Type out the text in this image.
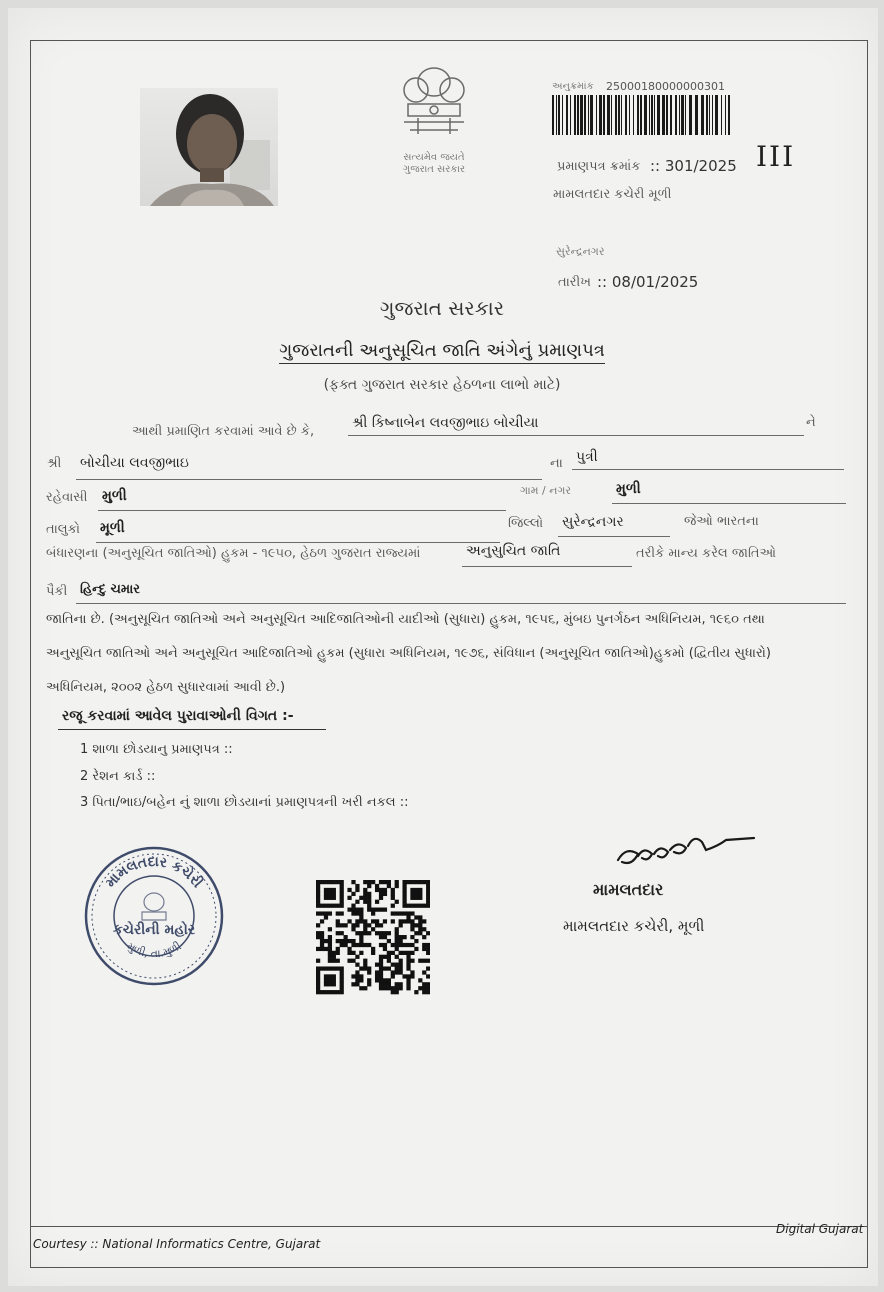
સત્યમેવ જયતે
ગુજરાત સરકાર
અનુક્રમાંક 25000180000000301
પ્રમાણપત્ર ક્રમાંક :: 301/2025 III
મામલતદાર કચેરી મૂળી
સુરેન્દ્રનગર
તારીખ :: 08/01/2025
ગુજરાત સરકાર
ગુજરાતની અનુસૂચિત જાતિ અંગેનું પ્રમાણપત્ર
(ફક્ત ગુજરાત સરકાર હેઠળના લાભો માટે)
આથી પ્રમાણિત કરવામાં આવે છે કે,
શ્રી કિષ્નાબેન લવજીભાઇ બોચીયા	ને
શ્રી બોચીયા લવજીભાઇ	ના પુત્રી
રહેવાસી મુળી	ગામ / નગર	મુળી
તાલુકો મૂળી	જિલ્લો સુરેન્દ્રનગર	જેઓ ભારતના
બંધારણના (અનુસૂચિત જાતિઓ) હુકમ - ૧૯૫૦, હેઠળ ગુજરાત રાજ્યમાં	અનુસુચિત જાતિ	તરીકે માન્ય કરેલ જાતિઓ
પૈકી હિન્દુ ચમાર
જાતિના છે. (અનુસૂચિત જાતિઓ અને અનુસૂચિત આદિજાતિઓની યાદીઓ (સુધારા) હુકમ, ૧૯૫૬, મુંબઇ પુનર્ગઠન અધિનિયમ, ૧૯૬૦ તથા
અનુસૂચિત જાતિઓ અને અનુસૂચિત આદિજાતિઓ હુકમ (સુધારા અધિનિયમ, ૧૯૭૬, સંવિધાન (અનુસૂચિત જાતિઓ)હુકમો (દ્વિતીય સુધારો)
અધિનિયમ, ૨૦૦૨ હેઠળ સુધારવામાં આવી છે.)
રજૂ કરવામાં આવેલ પુરાવાઓની વિગત :-
1 શાળા છોડયાનુ પ્રમાણપત્ર ::
2 રેશન કાર્ડ ::
3 પિતા/ભાઇ/બહેન નું શાળા છોડયાનાં પ્રમાણપત્રની ખરી નકલ ::
મામલતદાર કચેરી
કચેરીની મહોર
મુળી, તા.મુળી
મામલતદાર
મામલતદાર કચેરી, મૂળી
Courtesy :: National Informatics Centre, Gujarat
Digital Gujarat
